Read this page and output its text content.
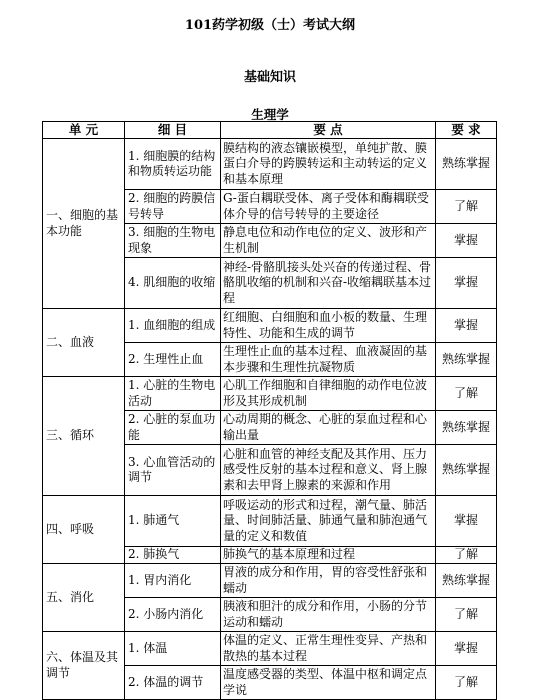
101药学初级（士）考试大纲
基础知识
生理学
单 元	细 目	要 点	要 求
一、细胞的基本功能	1. 细胞膜的结构和物质转运功能	膜结构的液态镶嵌模型，单纯扩散、膜蛋白介导的跨膜转运和主动转运的定义和基本原理	熟练掌握
	2. 细胞的跨膜信号转导	G-蛋白耦联受体、离子受体和酶耦联受体介导的信号转导的主要途径	了解
	3. 细胞的生物电现象	静息电位和动作电位的定义、波形和产生机制	掌握
	4. 肌细胞的收缩	神经-骨骼肌接头处兴奋的传递过程、骨骼肌收缩的机制和兴奋-收缩耦联基本过程	掌握
二、血液	1. 血细胞的组成	红细胞、白细胞和血小板的数量、生理特性、功能和生成的调节	掌握
	2. 生理性止血	生理性止血的基本过程、血液凝固的基本步骤和生理性抗凝物质	熟练掌握
三、循环	1. 心脏的生物电活动	心肌工作细胞和自律细胞的动作电位波形及其形成机制	了解
	2. 心脏的泵血功能	心动周期的概念、心脏的泵血过程和心输出量	熟练掌握
	3. 心血管活动的调节	心脏和血管的神经支配及其作用、压力感受性反射的基本过程和意义、肾上腺素和去甲肾上腺素的来源和作用	熟练掌握
四、呼吸	1. 肺通气	呼吸运动的形式和过程，潮气量、肺活量、时间肺活量、肺通气量和肺泡通气量的定义和数值	掌握
	2. 肺换气	肺换气的基本原理和过程	了解
五、消化	1. 胃内消化	胃液的成分和作用，胃的容受性舒张和蠕动	熟练掌握
	2. 小肠内消化	胰液和胆汁的成分和作用，小肠的分节运动和蠕动	了解
六、体温及其调节	1. 体温	体温的定义、正常生理性变异、产热和散热的基本过程	掌握
	2. 体温的调节	温度感受器的类型、体温中枢和调定点学说	了解
